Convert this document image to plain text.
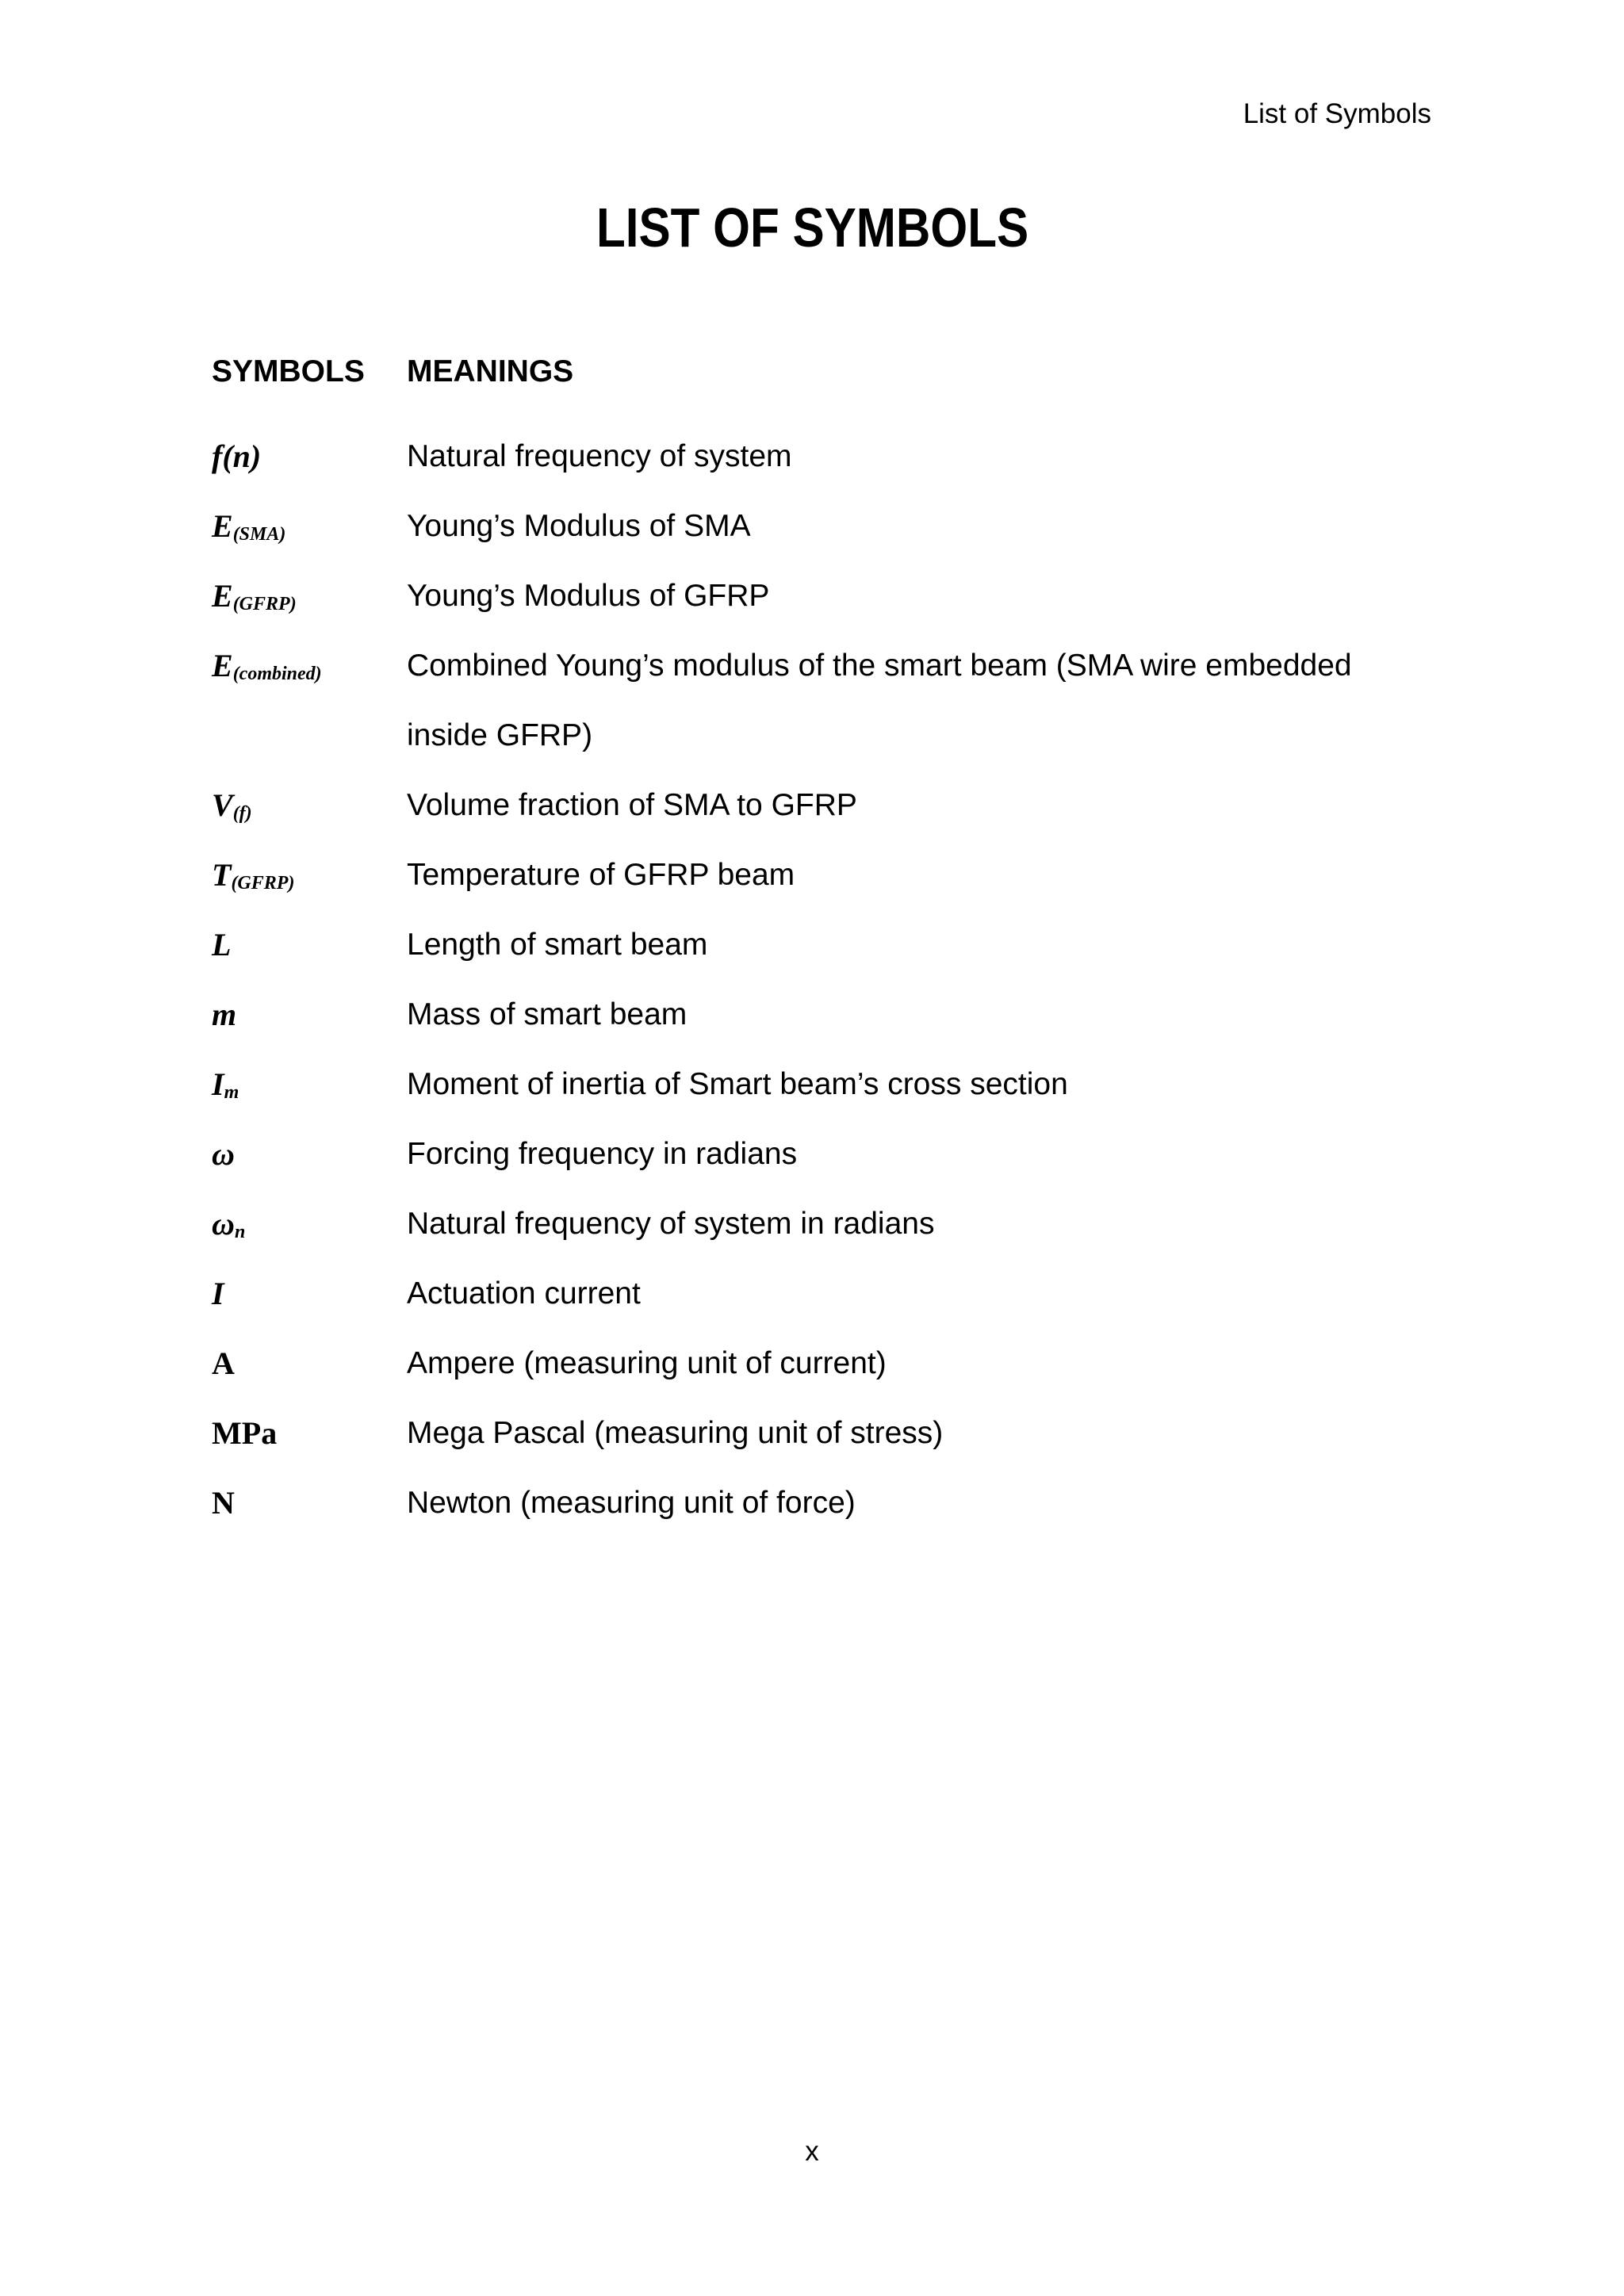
List of Symbols
LIST OF SYMBOLS
SYMBOLS MEANINGS
f(n)	Natural frequency of system
$E_{(SMA)}$	Young’s Modulus of SMA
$E_{(GFRP)}$	Young’s Modulus of GFRP
$E_{(combined)}$	Combined Young’s modulus of the smart beam (SMA wire embedded inside GFRP)
$V_{(f)}$	Volume fraction of SMA to GFRP
$T_{(GFRP)}$	Temperature of GFRP beam
L	Length of smart beam
m	Mass of smart beam
$I_m$	Moment of inertia of Smart beam’s cross section
ω	Forcing frequency in radians
$\omega_n$	Natural frequency of system in radians
I	Actuation current
A	Ampere (measuring unit of current)
MPa	Mega Pascal (measuring unit of stress)
N	Newton (measuring unit of force)
x
